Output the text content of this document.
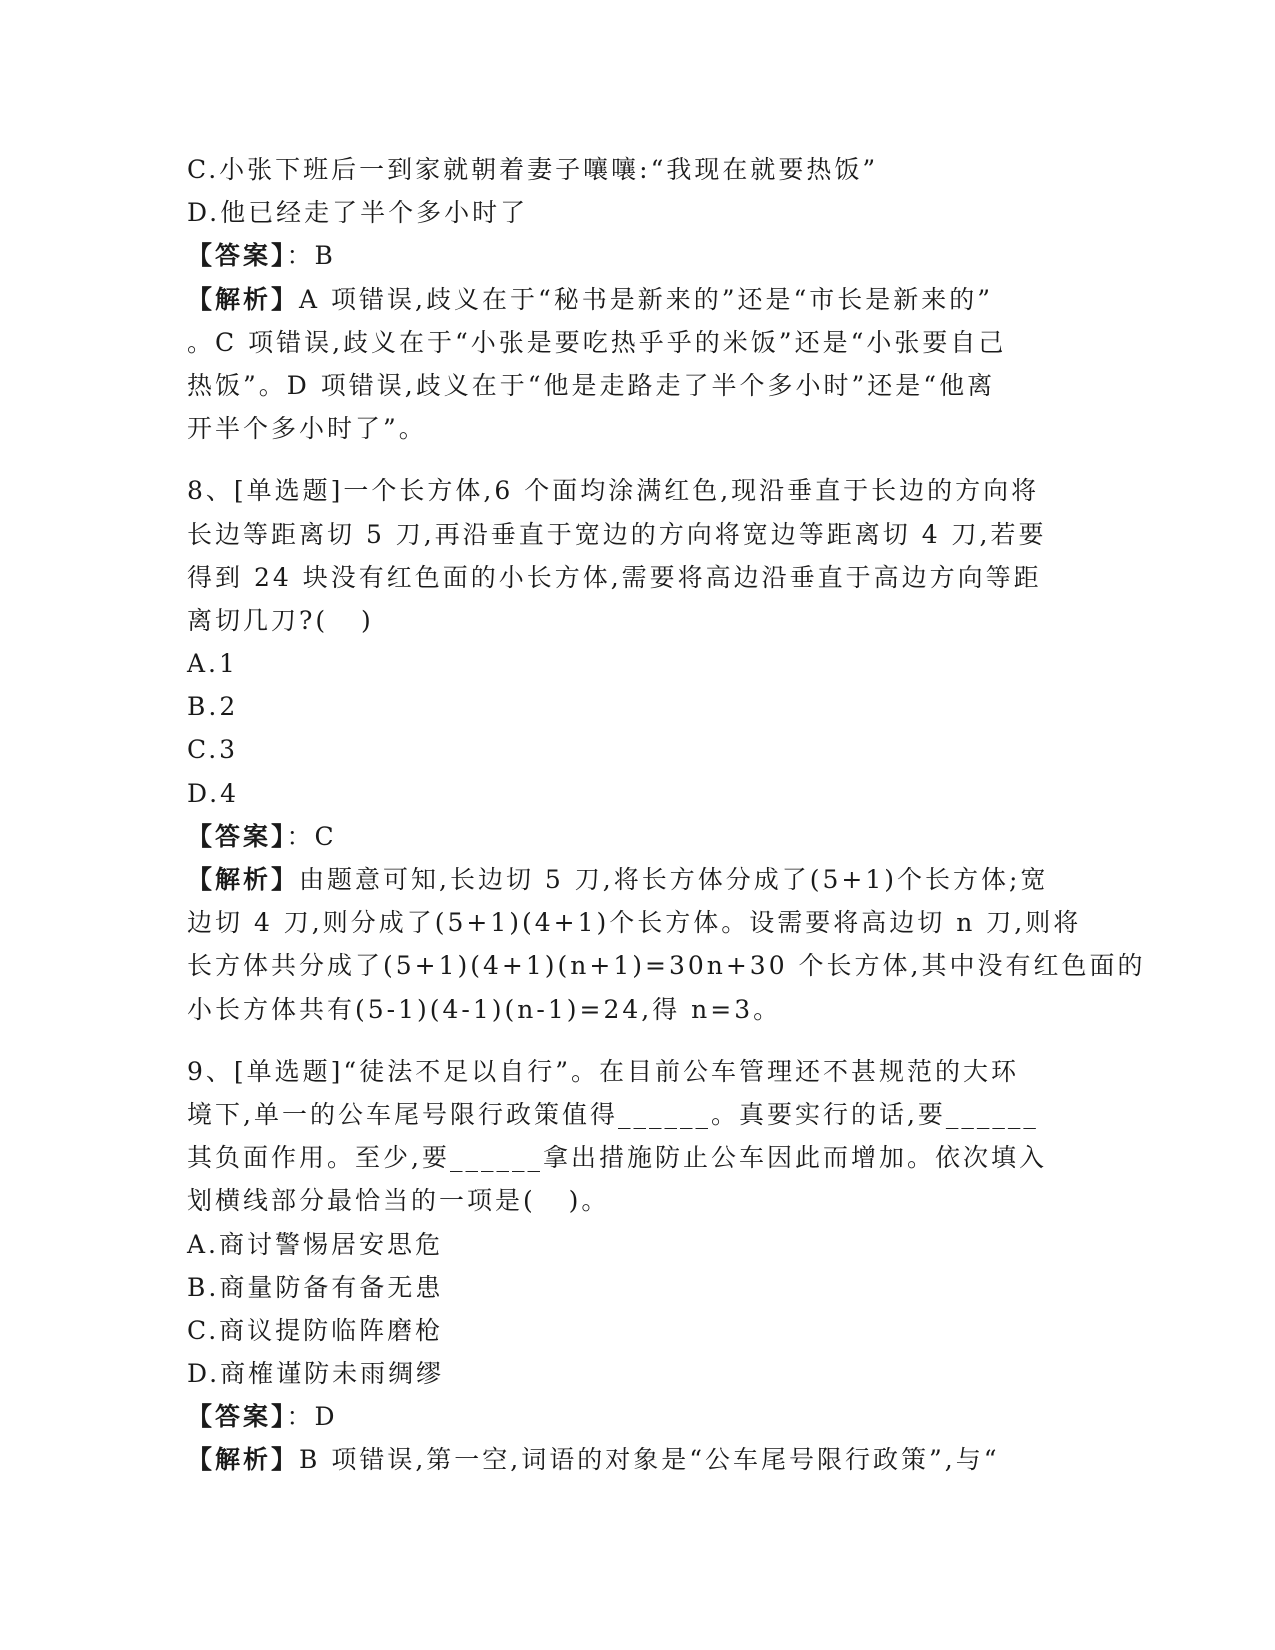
C.小张下班后一到家就朝着妻子嚷嚷:“我现在就要热饭”
D.他已经走了半个多小时了
【答案】：B
【解析】A 项错误,歧义在于“秘书是新来的”还是“市长是新来的”
。C 项错误,歧义在于“小张是要吃热乎乎的米饭”还是“小张要自己
热饭”。D 项错误,歧义在于“他是走路走了半个多小时”还是“他离
开半个多小时了”。
8、[单选题]一个长方体,6 个面均涂满红色,现沿垂直于长边的方向将
长边等距离切 5 刀,再沿垂直于宽边的方向将宽边等距离切 4 刀,若要
得到 24 块没有红色面的小长方体,需要将高边沿垂直于高边方向等距
离切几刀?(   )
A.1
B.2
C.3
D.4
【答案】：C
【解析】由题意可知,长边切 5 刀,将长方体分成了(5+1)个长方体;宽
边切 4 刀,则分成了(5+1)(4+1)个长方体。设需要将高边切 n 刀,则将
长方体共分成了(5+1)(4+1)(n+1)=30n+30 个长方体,其中没有红色面的
小长方体共有(5-1)(4-1)(n-1)=24,得 n=3。
9、[单选题]“徒法不足以自行”。在目前公车管理还不甚规范的大环
境下,单一的公车尾号限行政策值得______。真要实行的话,要______
其负面作用。至少,要______拿出措施防止公车因此而增加。依次填入
划横线部分最恰当的一项是(   )。
A.商讨警惕居安思危
B.商量防备有备无患
C.商议提防临阵磨枪
D.商榷谨防未雨绸缪
【答案】：D
【解析】B 项错误,第一空,词语的对象是“公车尾号限行政策”,与“
